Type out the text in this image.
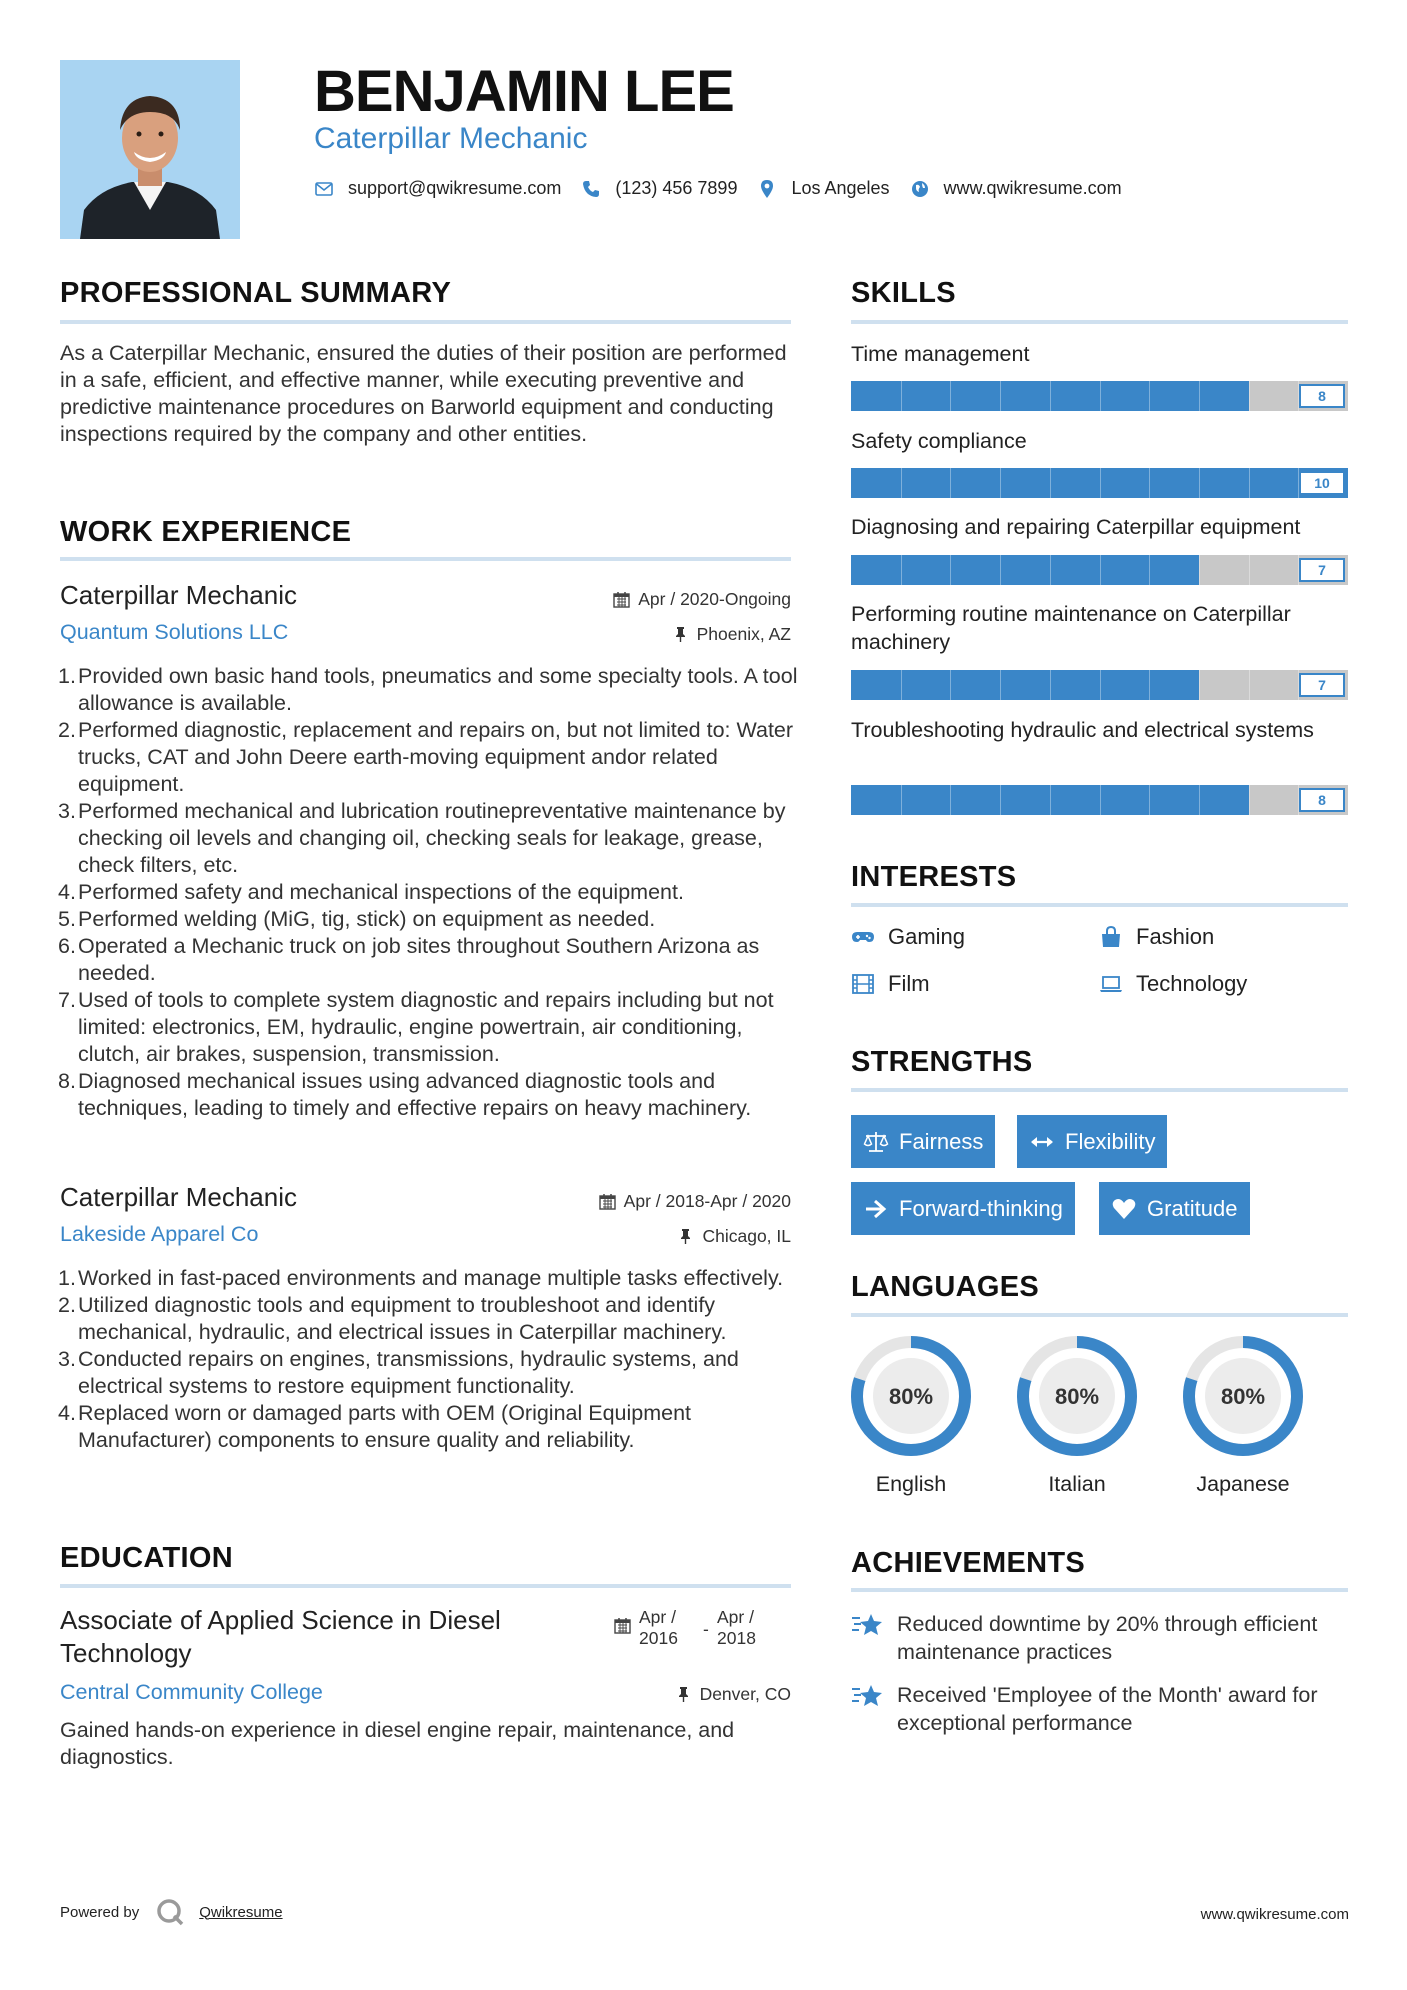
BENJAMIN LEE
Caterpillar Mechanic
support@qwikresume.com	(123) 456 7899	Los Angeles	www.qwikresume.com
PROFESSIONAL SUMMARY
As a Caterpillar Mechanic, ensured the duties of their position are performed in a safe, efficient, and effective manner, while executing preventive and predictive maintenance procedures on Barworld equipment and conducting inspections required by the company and other entities.
WORK EXPERIENCE
Caterpillar Mechanic	Apr / 2020-Ongoing
Quantum Solutions LLC	Phoenix, AZ
1. Provided own basic hand tools, pneumatics and some specialty tools. A tool allowance is available.
2. Performed diagnostic, replacement and repairs on, but not limited to: Water trucks, CAT and John Deere earth-moving equipment andor related equipment.
3. Performed mechanical and lubrication routinepreventative maintenance by checking oil levels and changing oil, checking seals for leakage, grease, check filters, etc.
4. Performed safety and mechanical inspections of the equipment.
5. Performed welding (MiG, tig, stick) on equipment as needed.
6. Operated a Mechanic truck on job sites throughout Southern Arizona as needed.
7. Used of tools to complete system diagnostic and repairs including but not limited: electronics, EM, hydraulic, engine powertrain, air conditioning, clutch, air brakes, suspension, transmission.
8. Diagnosed mechanical issues using advanced diagnostic tools and techniques, leading to timely and effective repairs on heavy machinery.
Caterpillar Mechanic	Apr / 2018-Apr / 2020
Lakeside Apparel Co	Chicago, IL
1. Worked in fast-paced environments and manage multiple tasks effectively.
2. Utilized diagnostic tools and equipment to troubleshoot and identify mechanical, hydraulic, and electrical issues in Caterpillar machinery.
3. Conducted repairs on engines, transmissions, hydraulic systems, and electrical systems to restore equipment functionality.
4. Replaced worn or damaged parts with OEM (Original Equipment Manufacturer) components to ensure quality and reliability.
EDUCATION
Associate of Applied Science in Diesel Technology
Apr / 2016	-
Apr / 2018
Central Community College	Denver, CO
Gained hands-on experience in diesel engine repair, maintenance, and diagnostics.
SKILLS
Time management
8
Safety compliance
10
Diagnosing and repairing Caterpillar equipment
7
Performing routine maintenance on Caterpillar machinery
7
Troubleshooting hydraulic and electrical systems
8
INTERESTS
Gaming	Fashion
Film	Technology
STRENGTHS
Fairness	Flexibility
Forward-thinking	Gratitude
LANGUAGES
80%
English
80%
Italian
80%
Japanese
ACHIEVEMENTS
Reduced downtime by 20% through efficient maintenance practices
Received 'Employee of the Month' award for exceptional performance
Powered by	Qwikresume	www.qwikresume.com
